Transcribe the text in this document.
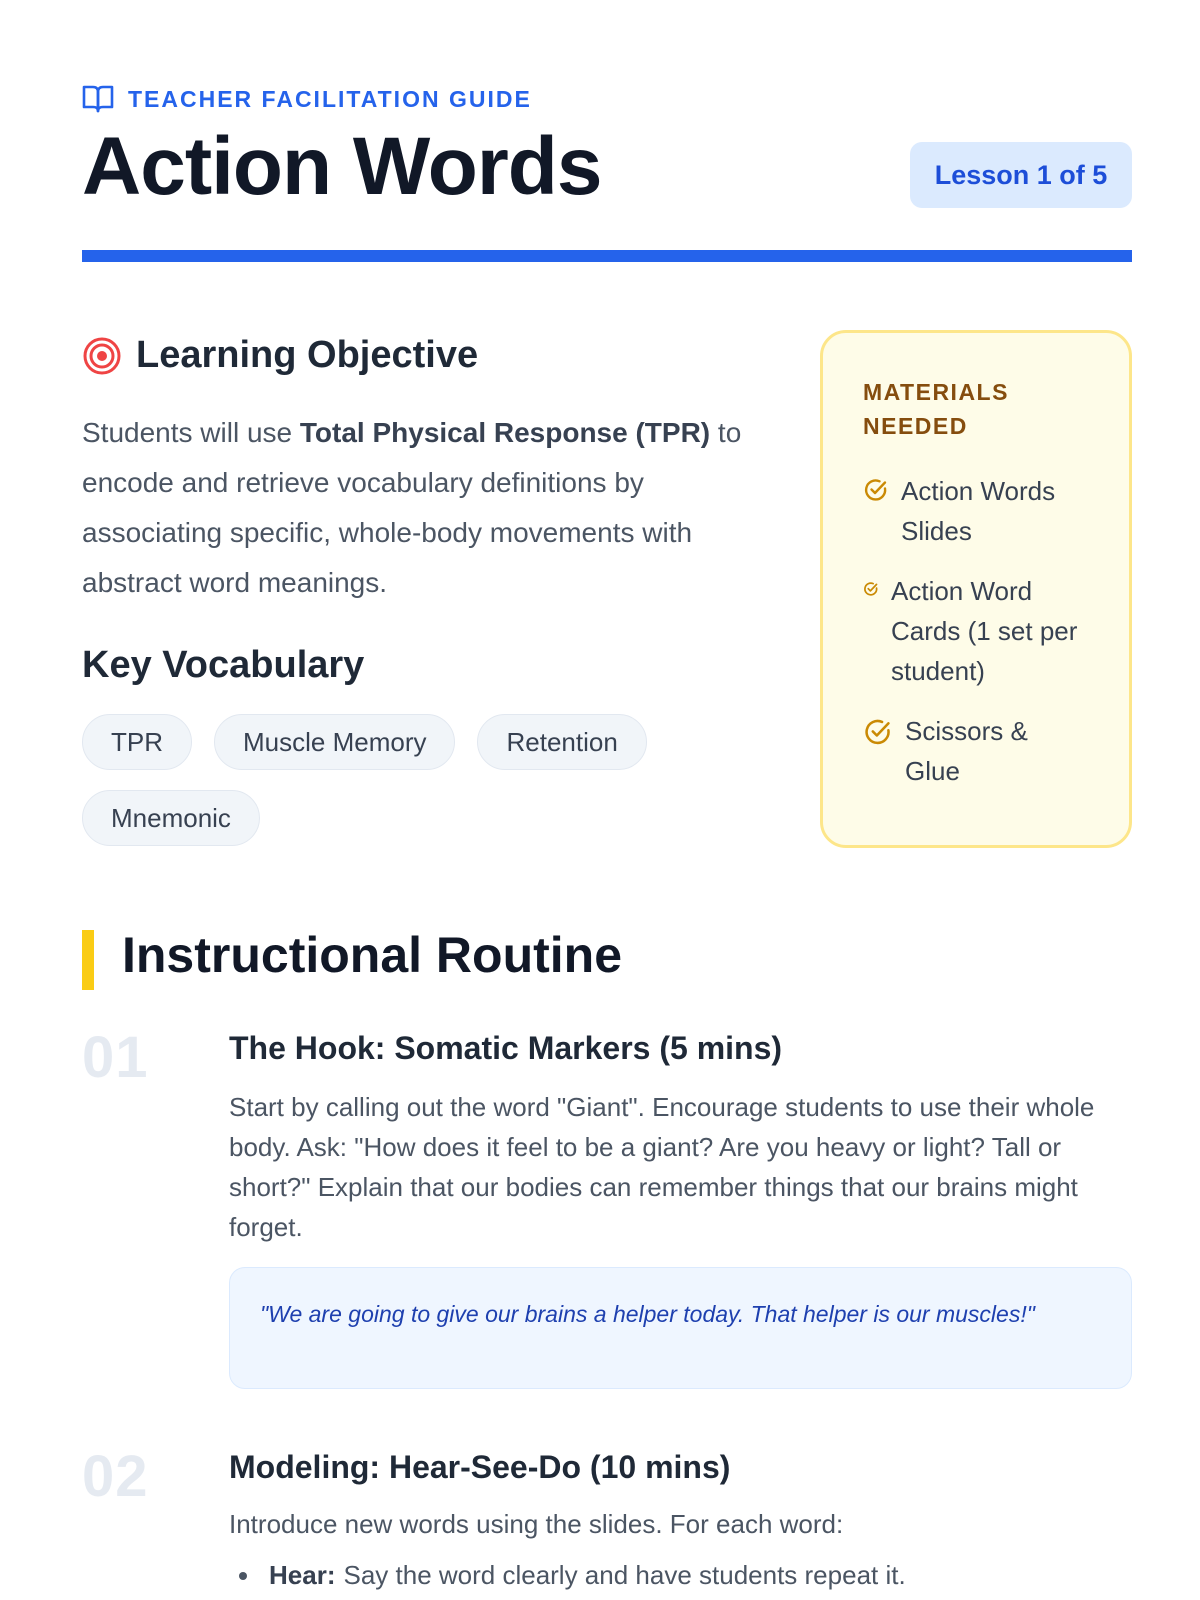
TEACHER FACILITATION GUIDE
Action Words	Lesson 1 of 5
Learning Objective

Students will use Total Physical Response (TPR) to encode and retrieve vocabulary definitions by associating specific, whole-body movements with abstract word meanings.

Key Vocabulary
TPR	Muscle Memory	Retention
Mnemonic
MATERIALS NEEDED
Action Words Slides
Action Word Cards (1 set per student)
Scissors & Glue
Instructional Routine
01	The Hook: Somatic Markers (5 mins)

Start by calling out the word "Giant". Encourage students to use their whole body. Ask: "How does it feel to be a giant? Are you heavy or light? Tall or short?" Explain that our bodies can remember things that our brains might forget.

"We are going to give our brains a helper today. That helper is our muscles!"
02	Modeling: Hear-See-Do (10 mins)

Introduce new words using the slides. For each word:

Hear: Say the word clearly and have students repeat it.
